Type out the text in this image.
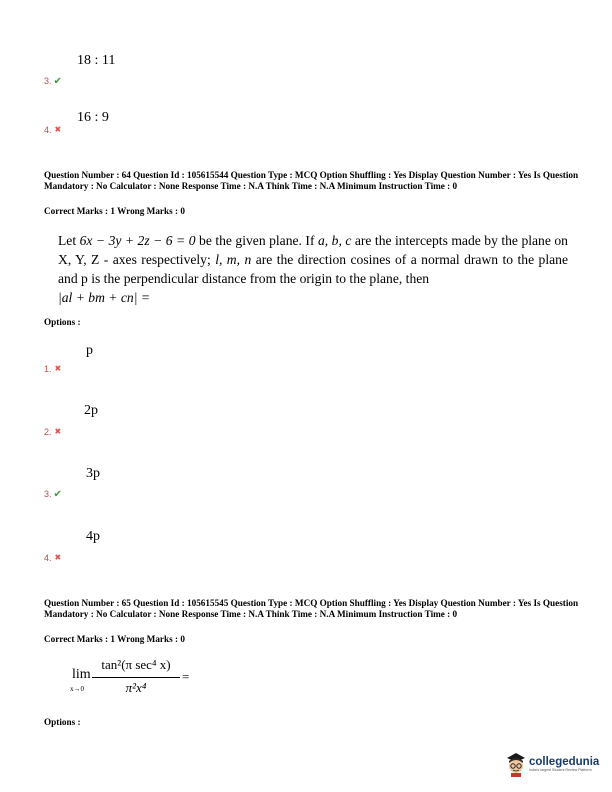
18 : 11
3. ✔
16 : 9
4. ✖
Question Number : 64 Question Id : 105615544 Question Type : MCQ Option Shuffling : Yes Display Question Number : Yes Is Question Mandatory : No Calculator : None Response Time : N.A Think Time : N.A Minimum Instruction Time : 0
Correct Marks : 1 Wrong Marks : 0
Let 6x − 3y + 2z − 6 = 0 be the given plane. If a, b, c are the intercepts made by the plane on X, Y, Z - axes respectively; l, m, n are the direction cosines of a normal drawn to the plane and p is the perpendicular distance from the origin to the plane, then
|al + bm + cn| =
Options :
p
1. ✖
2p
2. ✖
3p
3. ✔
4p
4. ✖
Question Number : 65 Question Id : 105615545 Question Type : MCQ Option Shuffling : Yes Display Question Number : Yes Is Question Mandatory : No Calculator : None Response Time : N.A Think Time : N.A Minimum Instruction Time : 0
Correct Marks : 1 Wrong Marks : 0
lim
x→0
tan²(π sec⁴ x)
π²x⁴
=
Options :
collegedunia
India's largest Student Review Platform
